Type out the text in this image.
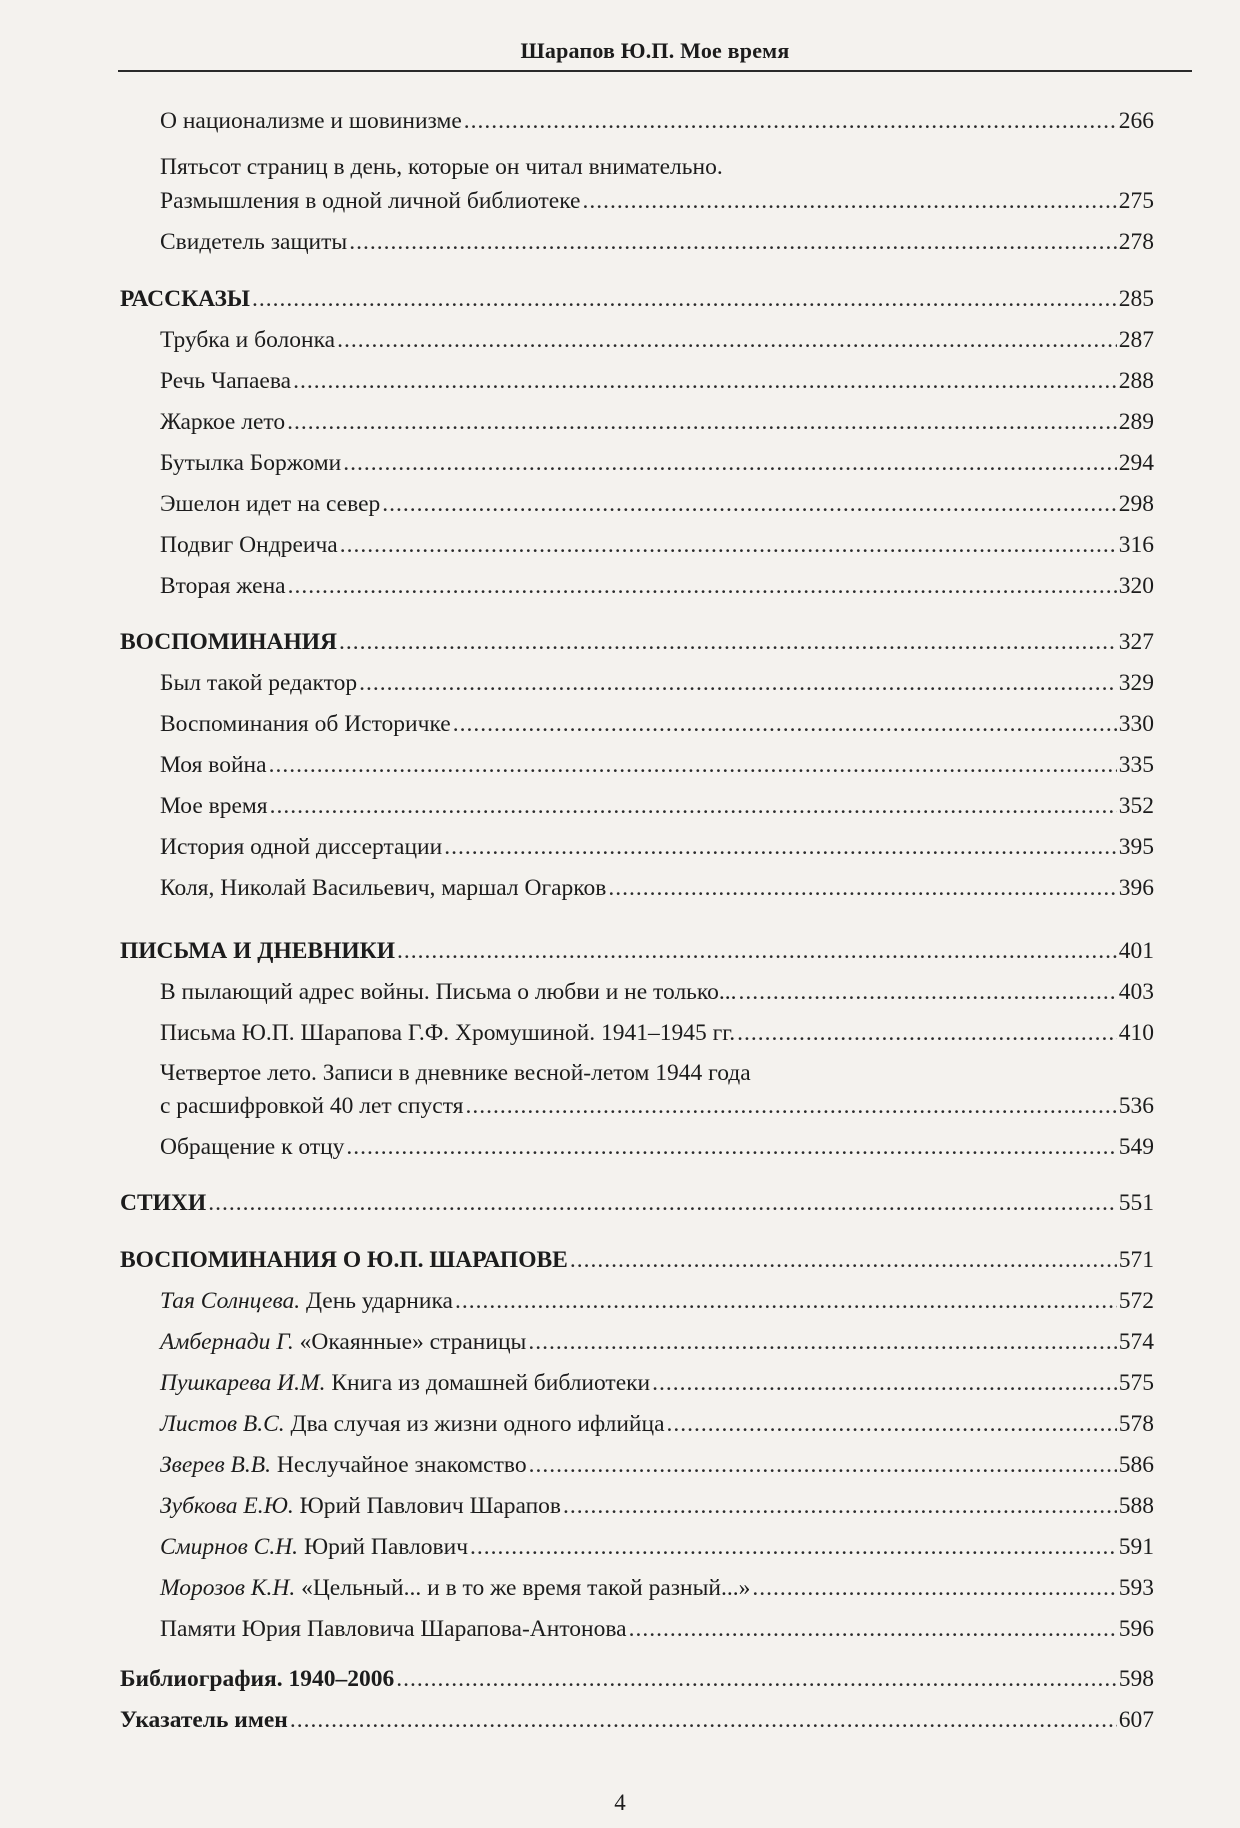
Шарапов Ю.П. Мое время
О национализме и шовинизме .....	266
Пятьсот страниц в день, которые он читал внимательно.
Размышления в одной личной библиотеке .....	275
Свидетель защиты .....	278
РАССКАЗЫ .....	285
Трубка и болонка .....	287
Речь Чапаева .....	288
Жаркое лето .....	289
Бутылка Боржоми .....	294
Эшелон идет на север .....	298
Подвиг Ондреича .....	316
Вторая жена .....	320
ВОСПОМИНАНИЯ .....	327
Был такой редактор .....	329
Воспоминания об Историчке .....	330
Моя война .....	335
Мое время .....	352
История одной диссертации .....	395
Коля, Николай Васильевич, маршал Огарков .....	396
ПИСЬМА И ДНЕВНИКИ .....	401
В пылающий адрес войны. Письма о любви и не только... .....	403
Письма Ю.П. Шарапова Г.Ф. Хромушиной. 1941–1945 гг. .....	410
Четвертое лето. Записи в дневнике весной-летом 1944 года
с расшифровкой 40 лет спустя .....	536
Обращение к отцу .....	549
СТИХИ .....	551
ВОСПОМИНАНИЯ О Ю.П. ШАРАПОВЕ .....	571
Тая Солнцева. День ударника .....	572
Амбернади Г. «Окаянные» страницы .....	574
Пушкарева И.М. Книга из домашней библиотеки .....	575
Листов В.С. Два случая из жизни одного ифлийца .....	578
Зверев В.В. Неслучайное знакомство .....	586
Зубкова Е.Ю. Юрий Павлович Шарапов .....	588
Смирнов С.Н. Юрий Павлович .....	591
Морозов К.Н. «Цельный... и в то же время такой разный...» .....	593
Памяти Юрия Павловича Шарапова-Антонова .....	596
Библиография. 1940–2006 .....	598
Указатель имен .....	607
4
